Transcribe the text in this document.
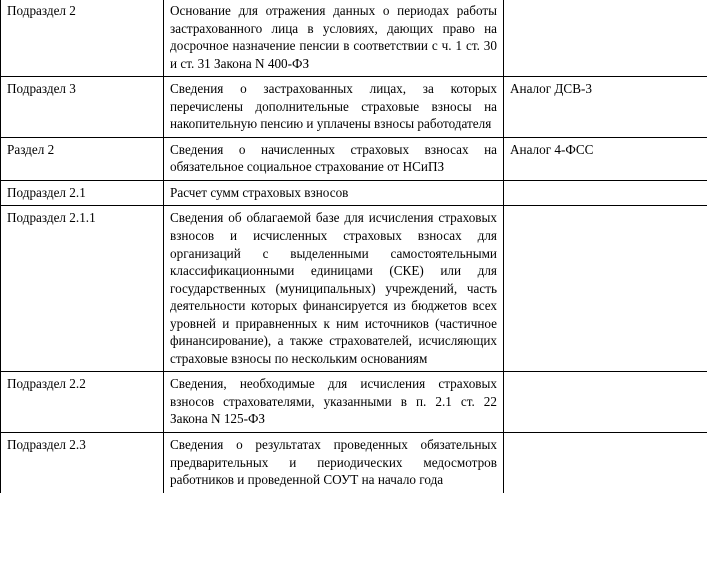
Подраздел 2	Основание для отражения данных о периодах работы застрахованного лица в условиях, дающих право на досрочное назначение пенсии в соответствии с ч. 1 ст. 30 и ст. 31 Закона N 400-ФЗ	
Подраздел 3	Сведения о застрахованных лицах, за которых перечислены дополнительные страховые взносы на накопительную пенсию и уплачены взносы работодателя	Аналог ДСВ-3
Раздел 2	Сведения о начисленных страховых взносах на обязательное социальное страхование от НСиПЗ	Аналог 4-ФСС
Подраздел 2.1	Расчет сумм страховых взносов	
Подраздел 2.1.1	Сведения об облагаемой базе для исчисления страховых взносов и исчисленных страховых взносах для организаций с выделенными самостоятельными классификационными единицами (СКЕ) или для государственных (муниципальных) учреждений, часть деятельности которых финансируется из бюджетов всех уровней и приравненных к ним источников (частичное финансирование), а также страхователей, исчисляющих страховые взносы по нескольким основаниям	
Подраздел 2.2	Сведения, необходимые для исчисления страховых взносов страхователями, указанными в п. 2.1 ст. 22 Закона N 125-ФЗ	
Подраздел 2.3	Сведения о результатах проведенных обязательных предварительных и периодических медосмотров работников и проведенной СОУТ на начало года	
